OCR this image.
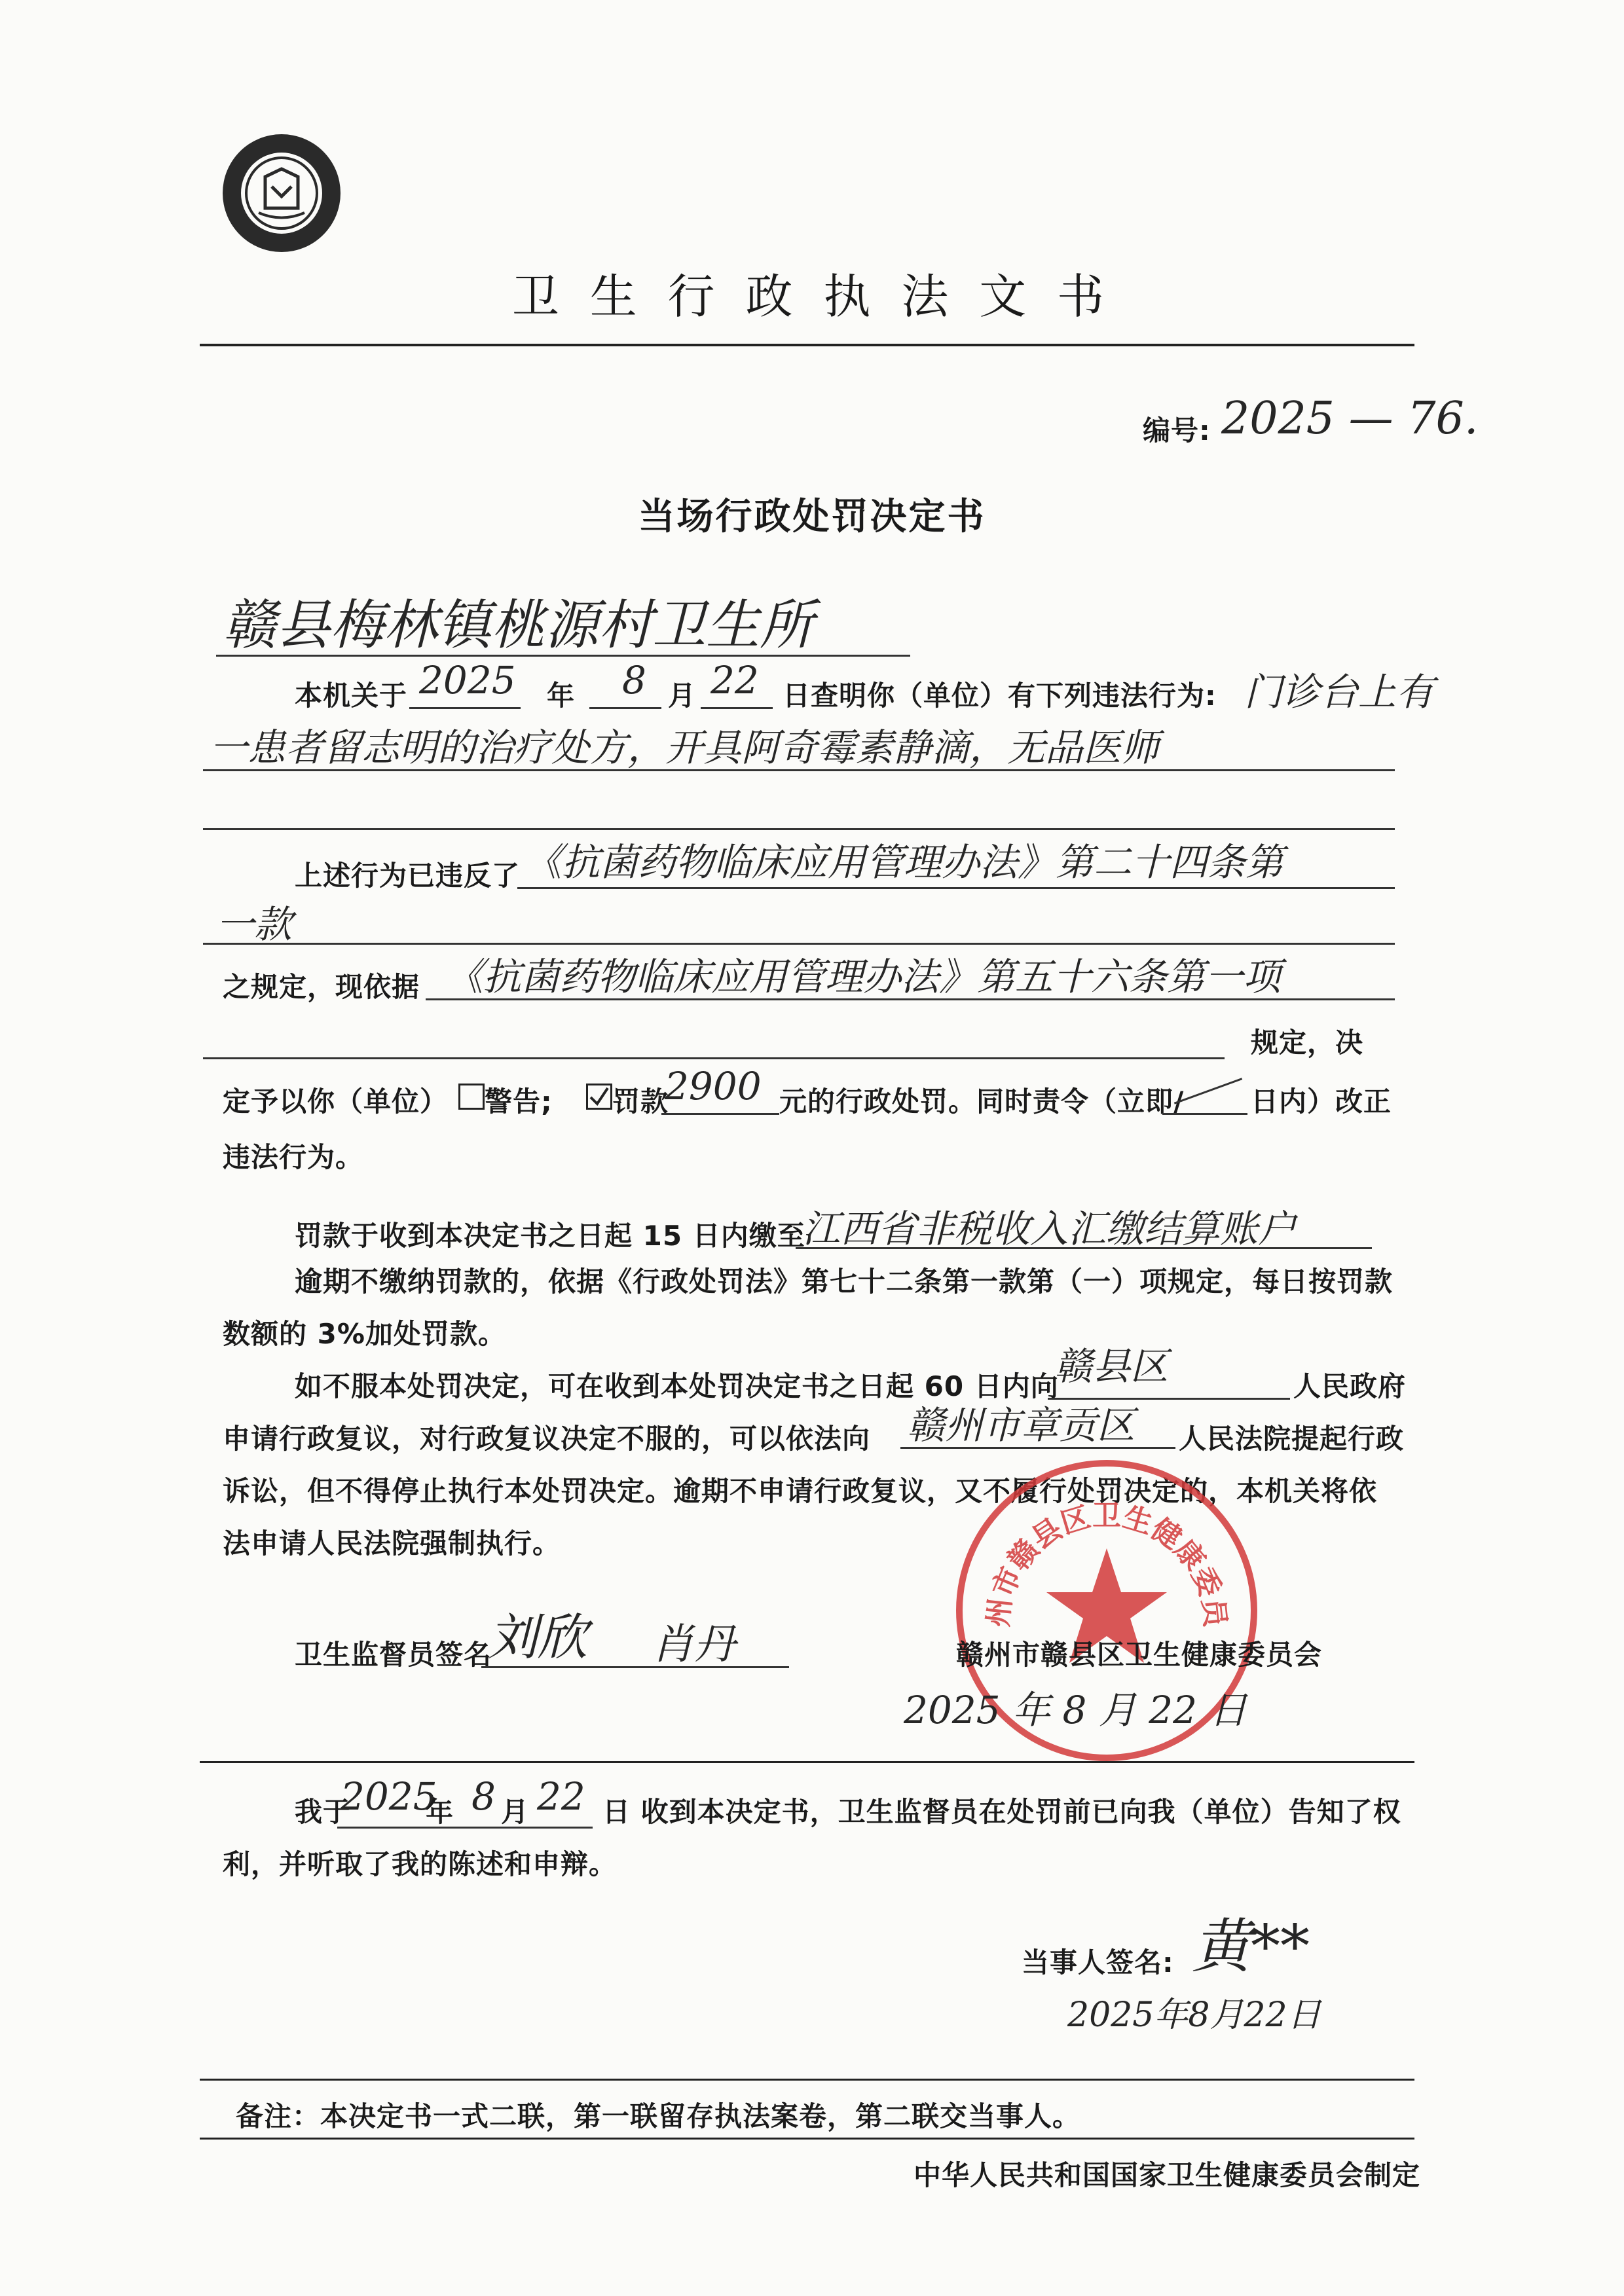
卫 生 行 政 执 法 文 书
编号: 2025 — 76.
当场行政处罚决定书
赣县梅林镇桃源村卫生所
本机关于 2025 年 8 月 22 日查明你（单位）有下列违法行为: 门诊台上有
一患者留志明的治疗处方，开具阿奇霉素静滴，无品医师
上述行为已违反了 《抗菌药物临床应用管理办法》第二十四条第
一款
之规定，现依据 《抗菌药物临床应用管理办法》第五十六条第一项
规定，决
定予以你（单位） 警告; 罚款
2900 元的行政处罚。同时责令（立即/ 日内）改正
违法行为。
罚款于收到本决定书之日起 15 日内缴至
江西省非税收入汇缴结算账户
逾期不缴纳罚款的，依据《行政处罚法》第七十二条第一款第（一）项规定，每日按罚款
数额的 3%加处罚款。
如不服本处罚决定，可在收到本处罚决定书之日起 60 日内向
赣县区	人民政府
申请行政复议，对行政复议决定不服的，可以依法向 赣州市章贡区 人民法院提起行政
诉讼，但不得停止执行本处罚决定。逾期不申请行政复议，又不履行处罚决定的，本机关将依
法申请人民法院强制执行。
州市赣县区卫生健康委员
卫生监督员签名
刘欣 肖丹	赣州市赣县区卫生健康委员会
2025 年 8 月 22 日
我于
2025
年 8 月 22 日 收到本决定书，卫生监督员在处罚前已向我（单位）告知了权
利，并听取了我的陈述和申辩。
当事人签名: 黄**
2025年8月22日
备注：本决定书一式二联，第一联留存执法案卷，第二联交当事人。
中华人民共和国国家卫生健康委员会制定
